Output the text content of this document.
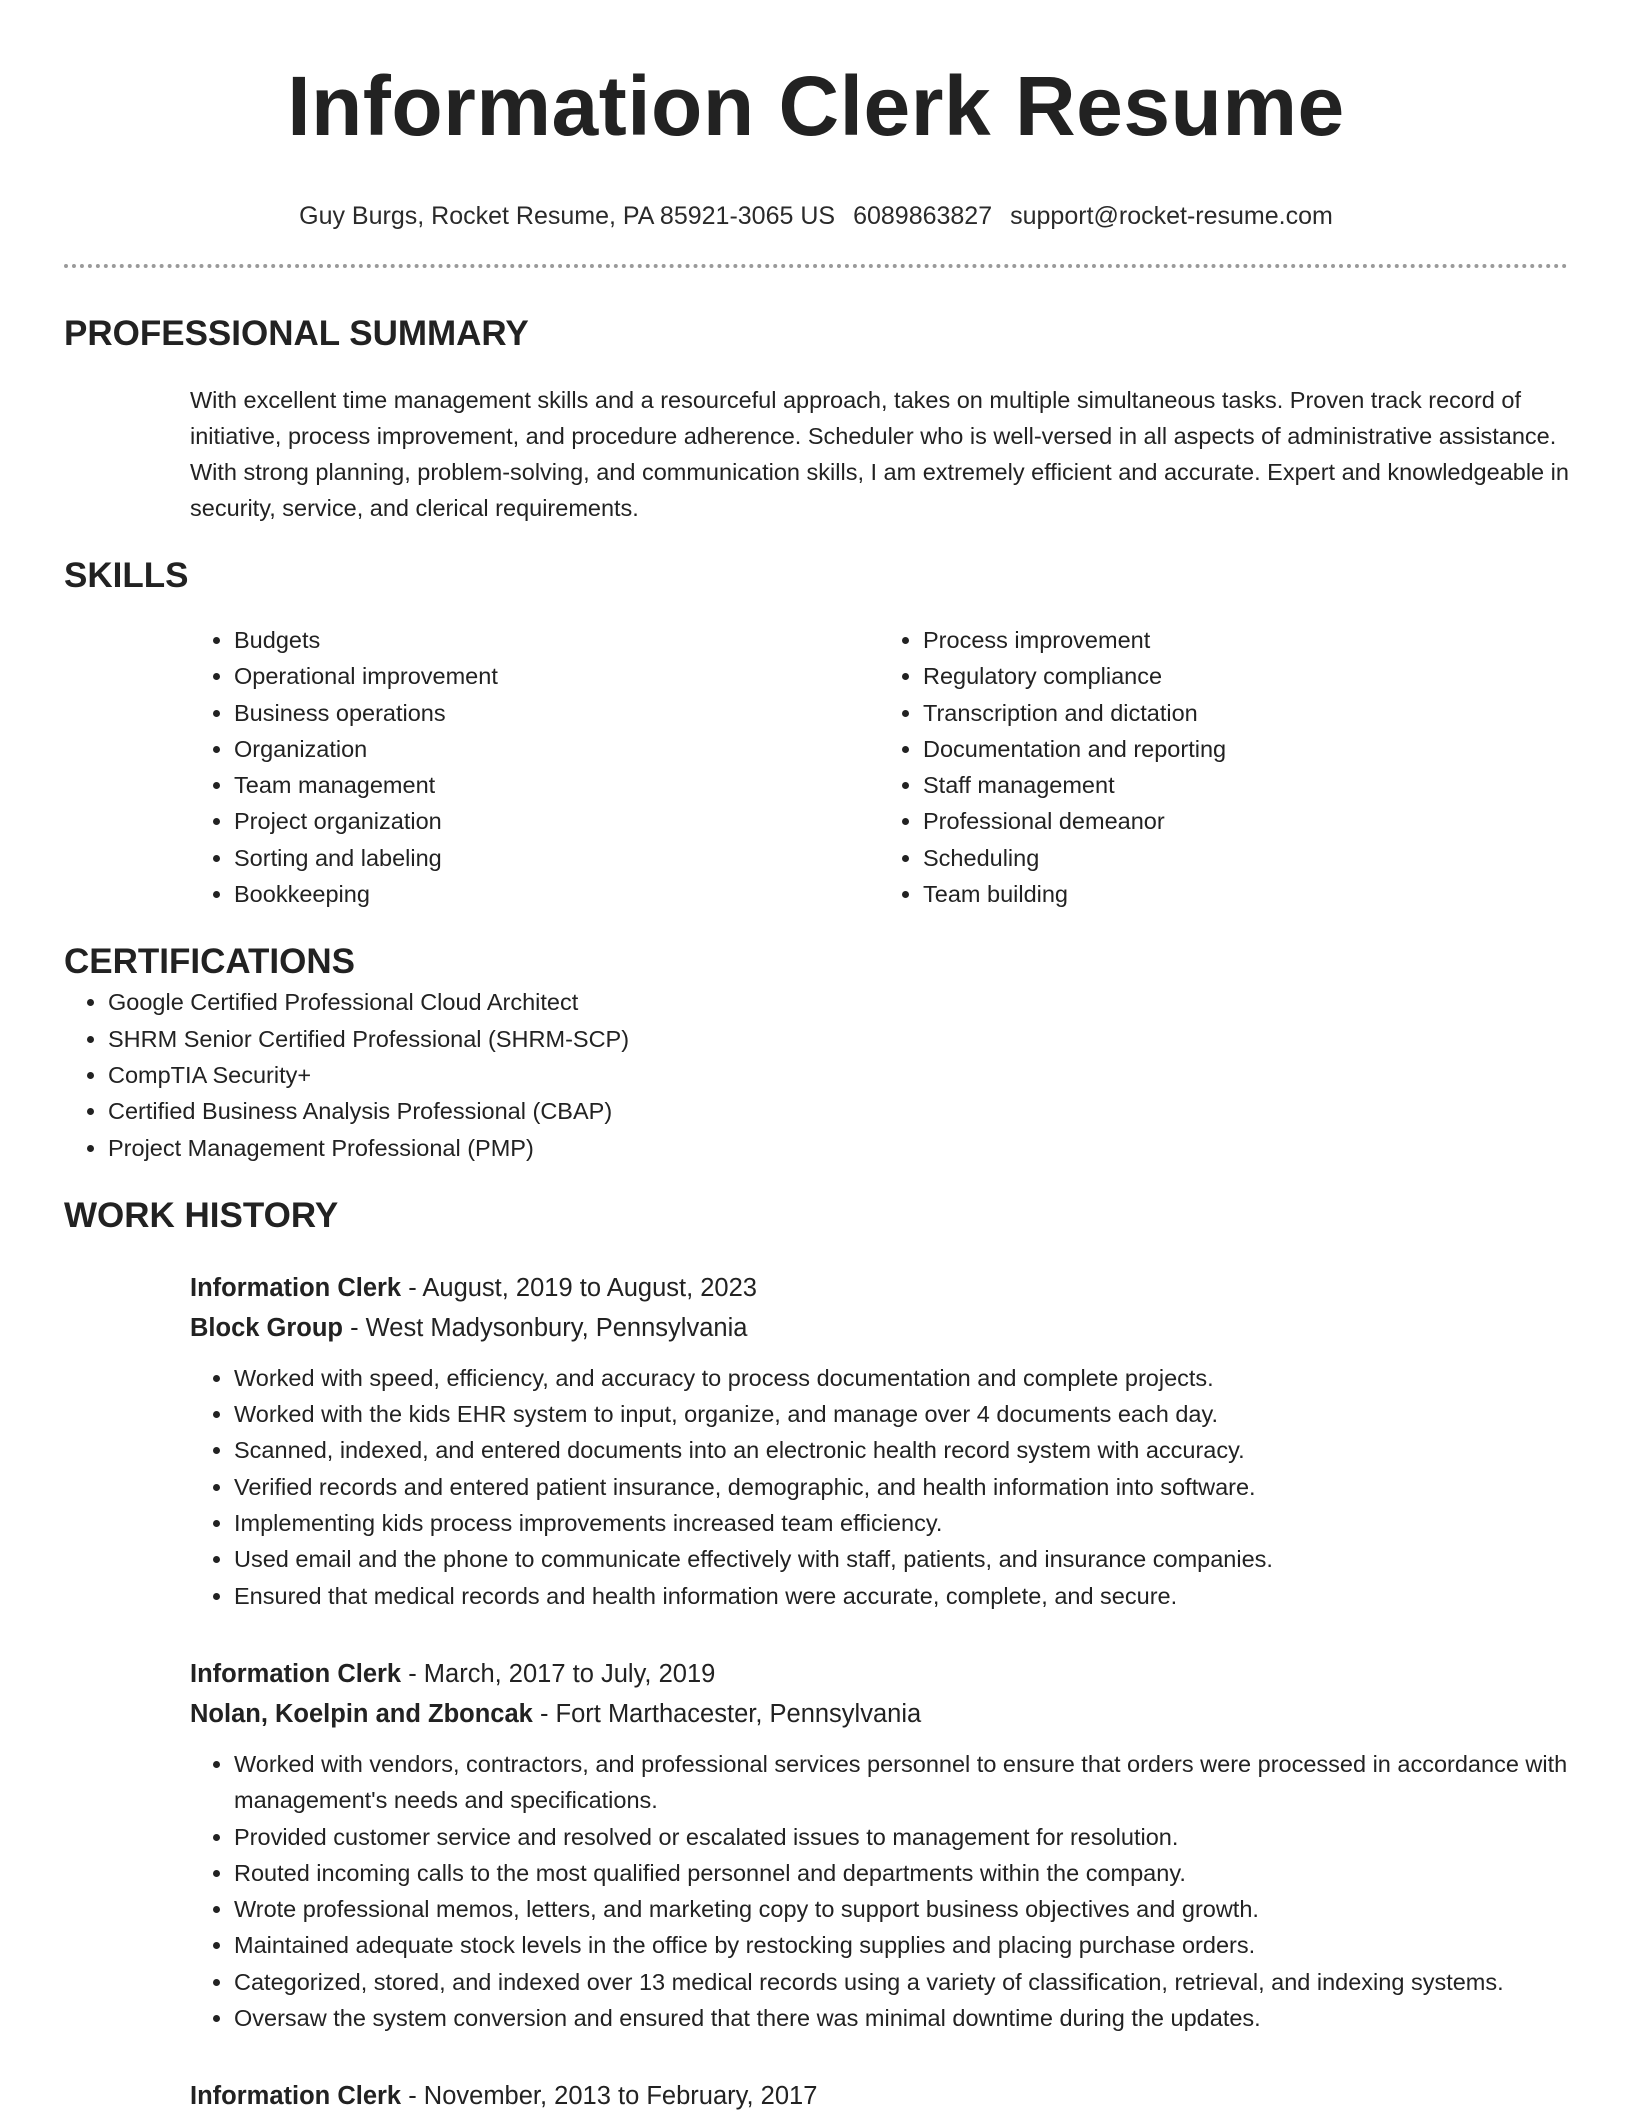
Information Clerk Resume
Guy Burgs, Rocket Resume, PA 85921-3065 US 6089863827 support@rocket-resume.com
PROFESSIONAL SUMMARY

With excellent time management skills and a resourceful approach, takes on multiple simultaneous tasks. Proven track record of initiative, process improvement, and procedure adherence. Scheduler who is well-versed in all aspects of administrative assistance. With strong planning, problem-solving, and communication skills, I am extremely efficient and accurate. Expert and knowledgeable in security, service, and clerical requirements.

SKILLS
• Budgets
• Operational improvement
• Business operations
• Organization
• Team management
• Project organization
• Sorting and labeling
• Bookkeeping
• Process improvement
• Regulatory compliance
• Transcription and dictation
• Documentation and reporting
• Staff management
• Professional demeanor
• Scheduling
• Team building
CERTIFICATIONS
• Google Certified Professional Cloud Architect
• SHRM Senior Certified Professional (SHRM-SCP)
• CompTIA Security+
• Certified Business Analysis Professional (CBAP)
• Project Management Professional (PMP)
WORK HISTORY
Information Clerk - August, 2019 to August, 2023
Block Group - West Madysonbury, Pennsylvania
• Worked with speed, efficiency, and accuracy to process documentation and complete projects.
• Worked with the kids EHR system to input, organize, and manage over 4 documents each day.
• Scanned, indexed, and entered documents into an electronic health record system with accuracy.
• Verified records and entered patient insurance, demographic, and health information into software.
• Implementing kids process improvements increased team efficiency.
• Used email and the phone to communicate effectively with staff, patients, and insurance companies.
• Ensured that medical records and health information were accurate, complete, and secure.
Information Clerk - March, 2017 to July, 2019
Nolan, Koelpin and Zboncak - Fort Marthacester, Pennsylvania
• Worked with vendors, contractors, and professional services personnel to ensure that orders were processed in accordance with management's needs and specifications.
• Provided customer service and resolved or escalated issues to management for resolution.
• Routed incoming calls to the most qualified personnel and departments within the company.
• Wrote professional memos, letters, and marketing copy to support business objectives and growth.
• Maintained adequate stock levels in the office by restocking supplies and placing purchase orders.
• Categorized, stored, and indexed over 13 medical records using a variety of classification, retrieval, and indexing systems.
• Oversaw the system conversion and ensured that there was minimal downtime during the updates.
Information Clerk - November, 2013 to February, 2017
